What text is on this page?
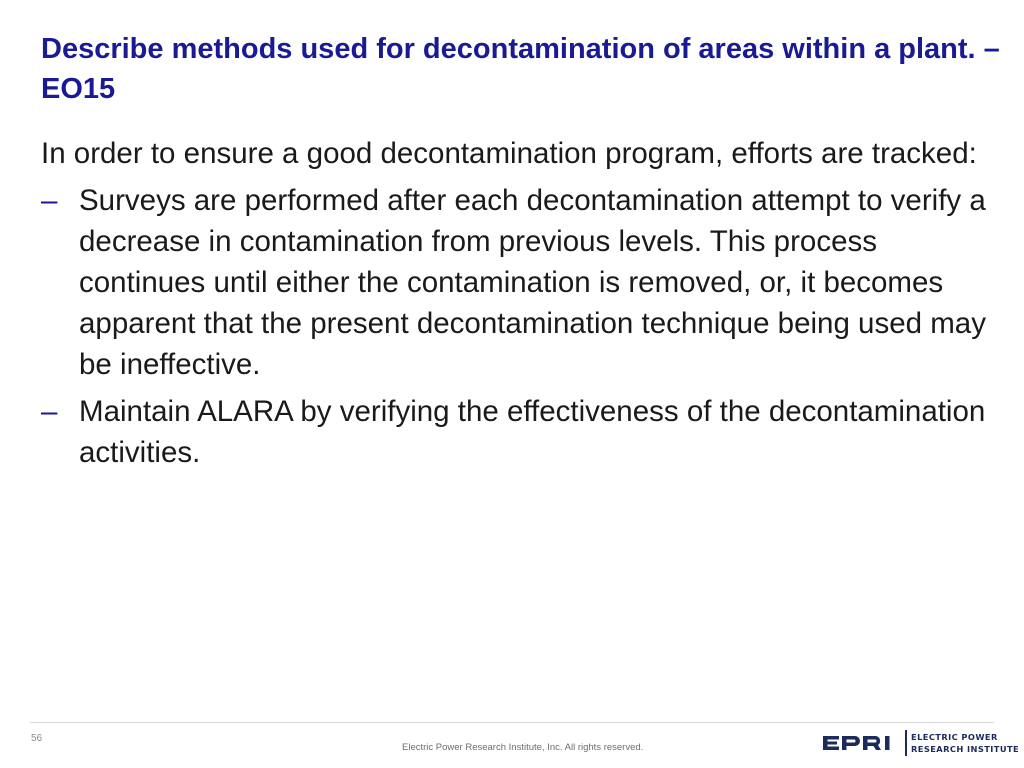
Describe methods used for decontamination of areas within a plant. – EO15

In order to ensure a good decontamination program, efforts are tracked:

– Surveys are performed after each decontamination attempt to verify a decrease in contamination from previous levels. This process continues until either the contamination is removed, or, it becomes apparent that the present decontamination technique being used may be ineffective.
– Maintain ALARA by verifying the effectiveness of the decontamination activities.
56
Electric Power Research Institute, Inc. All rights reserved.
ELECTRIC POWER
RESEARCH INSTITUTE
